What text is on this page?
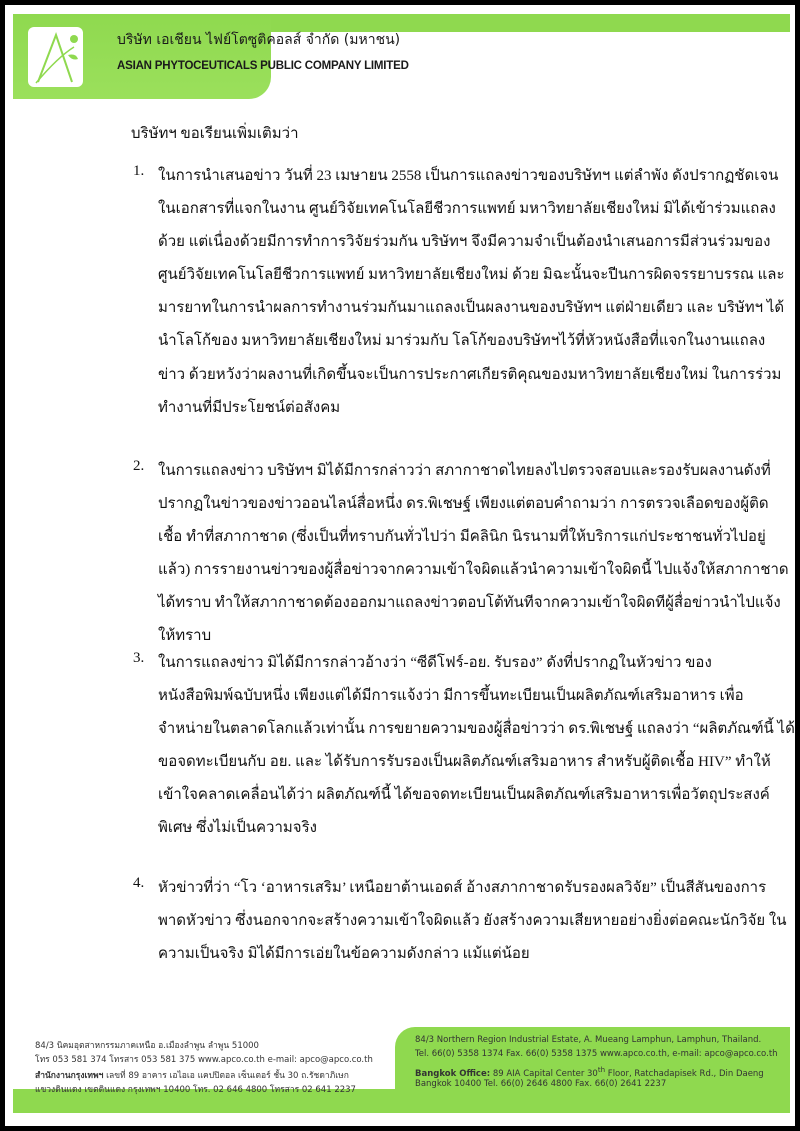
บริษัท เอเชียน ไฟย์โตซูติคอลส์ จำกัด (มหาชน)
ASIAN PHYTOCEUTICALS PUBLIC COMPANY LIMITED
บริษัทฯ ขอเรียนเพิ่มเติมว่า
1. ในการนำเสนอข่าว วันที่ 23 เมษายน 2558 เป็นการแถลงข่าวของบริษัทฯ แต่ลำพัง ดังปรากฏชัดเจน
ในเอกสารที่แจกในงาน ศูนย์วิจัยเทคโนโลยีชีวการแพทย์ มหาวิทยาลัยเชียงใหม่ มิได้เข้าร่วมแถลง
ด้วย แต่เนื่องด้วยมีการทำการวิจัยร่วมกัน บริษัทฯ จึงมีความจำเป็นต้องนำเสนอการมีส่วนร่วมของ
ศูนย์วิจัยเทคโนโลยีชีวการแพทย์ มหาวิทยาลัยเชียงใหม่ ด้วย มิฉะนั้นจะปีนการผิดจรรยาบรรณ และ
มารยาทในการนำผลการทำงานร่วมกันมาแถลงเป็นผลงานของบริษัทฯ แต่ฝ่ายเดียว และ บริษัทฯ ได้
นำโลโก้ของ มหาวิทยาลัยเชียงใหม่ มาร่วมกับ โลโก้ของบริษัทฯไว้ที่หัวหนังสือที่แจกในงานแถลง
ข่าว ด้วยหวังว่าผลงานที่เกิดขึ้นจะเป็นการประกาศเกียรติคุณของมหาวิทยาลัยเชียงใหม่ ในการร่วม
ทำงานที่มีประโยชน์ต่อสังคม
2. ในการแถลงข่าว บริษัทฯ มิได้มีการกล่าวว่า สภากาชาดไทยลงไปตรวจสอบและรองรับผลงานดังที่
ปรากฏในข่าวของข่าวออนไลน์สื่อหนึ่ง ดร.พิเชษฐ์ เพียงแต่ตอบคำถามว่า การตรวจเลือดของผู้ติด
เชื้อ ทำที่สภากาชาด (ซึ่งเป็นที่ทราบกันทั่วไปว่า มีคลินิก นิรนามที่ให้บริการแก่ประชาชนทั่วไปอยู่
แล้ว) การรายงานข่าวของผู้สื่อข่าวจากความเข้าใจผิดแล้วนำความเข้าใจผิดนี้ ไปแจ้งให้สภากาชาด
ได้ทราบ ทำให้สภากาชาดต้องออกมาแถลงข่าวตอบโต้ทันทีจากความเข้าใจผิดทีผู้สื่อข่าวนำไปแจ้ง
ให้ทราบ
3. ในการแถลงข่าว มิได้มีการกล่าวอ้างว่า “ซีดีโฟร์-อย. รับรอง” ดังที่ปรากฏในหัวข่าว ของ
หนังสือพิมพ์ฉบับหนึ่ง เพียงแต่ได้มีการแจ้งว่า มีการขึ้นทะเบียนเป็นผลิตภัณฑ์เสริมอาหาร เพื่อ
จำหน่ายในตลาดโลกแล้วเท่านั้น การขยายความของผู้สื่อข่าวว่า ดร.พิเชษฐ์ แถลงว่า “ผลิตภัณฑ์นี้ ได้
ขอจดทะเบียนกับ อย. และ ได้รับการรับรองเป็นผลิตภัณฑ์เสริมอาหาร สำหรับผู้ติดเชื้อ HIV” ทำให้
เข้าใจคลาดเคลื่อนได้ว่า ผลิตภัณฑ์นี้ ได้ขอจดทะเบียนเป็นผลิตภัณฑ์เสริมอาหารเพื่อวัตถุประสงค์
พิเศษ ซึ่งไม่เป็นความจริง
4. หัวข่าวที่ว่า “โว ‘อาหารเสริม’ เหนือยาต้านเอดส์ อ้างสภากาชาดรับรองผลวิจัย” เป็นสีสันของการ
พาดหัวข่าว ซึ่งนอกจากจะสร้างความเข้าใจผิดแล้ว ยังสร้างความเสียหายอย่างยิ่งต่อคณะนักวิจัย ใน
ความเป็นจริง มิได้มีการเอ่ยในข้อความดังกล่าว แม้แต่น้อย
84/3 นิคมอุตสาหกรรมภาคเหนือ อ.เมืองลำพูน ลำพูน 51000
โทร 053 581 374 โทรสาร 053 581 375 www.apco.co.th e-mail: apco@apco.co.th
สำนักงานกรุงเทพฯ เลขที่ 89 อาคาร เอไอเอ แคปปิตอล เซ็นเตอร์ ชั้น 30 ถ.รัชดาภิเษก
แขวงดินแดง เขตดินแดง กรุงเทพฯ 10400 โทร. 02 646 4800 โทรสาร 02 641 2237
84/3 Northern Region Industrial Estate, A. Mueang Lamphun, Lamphun, Thailand.
Tel. 66(0) 5358 1374 Fax. 66(0) 5358 1375 www.apco.co.th, e-mail: apco@apco.co.th
Bangkok Office: 89 AIA Capital Center 30th Floor, Ratchadapisek Rd., Din Daeng
Bangkok 10400 Tel. 66(0) 2646 4800 Fax. 66(0) 2641 2237
